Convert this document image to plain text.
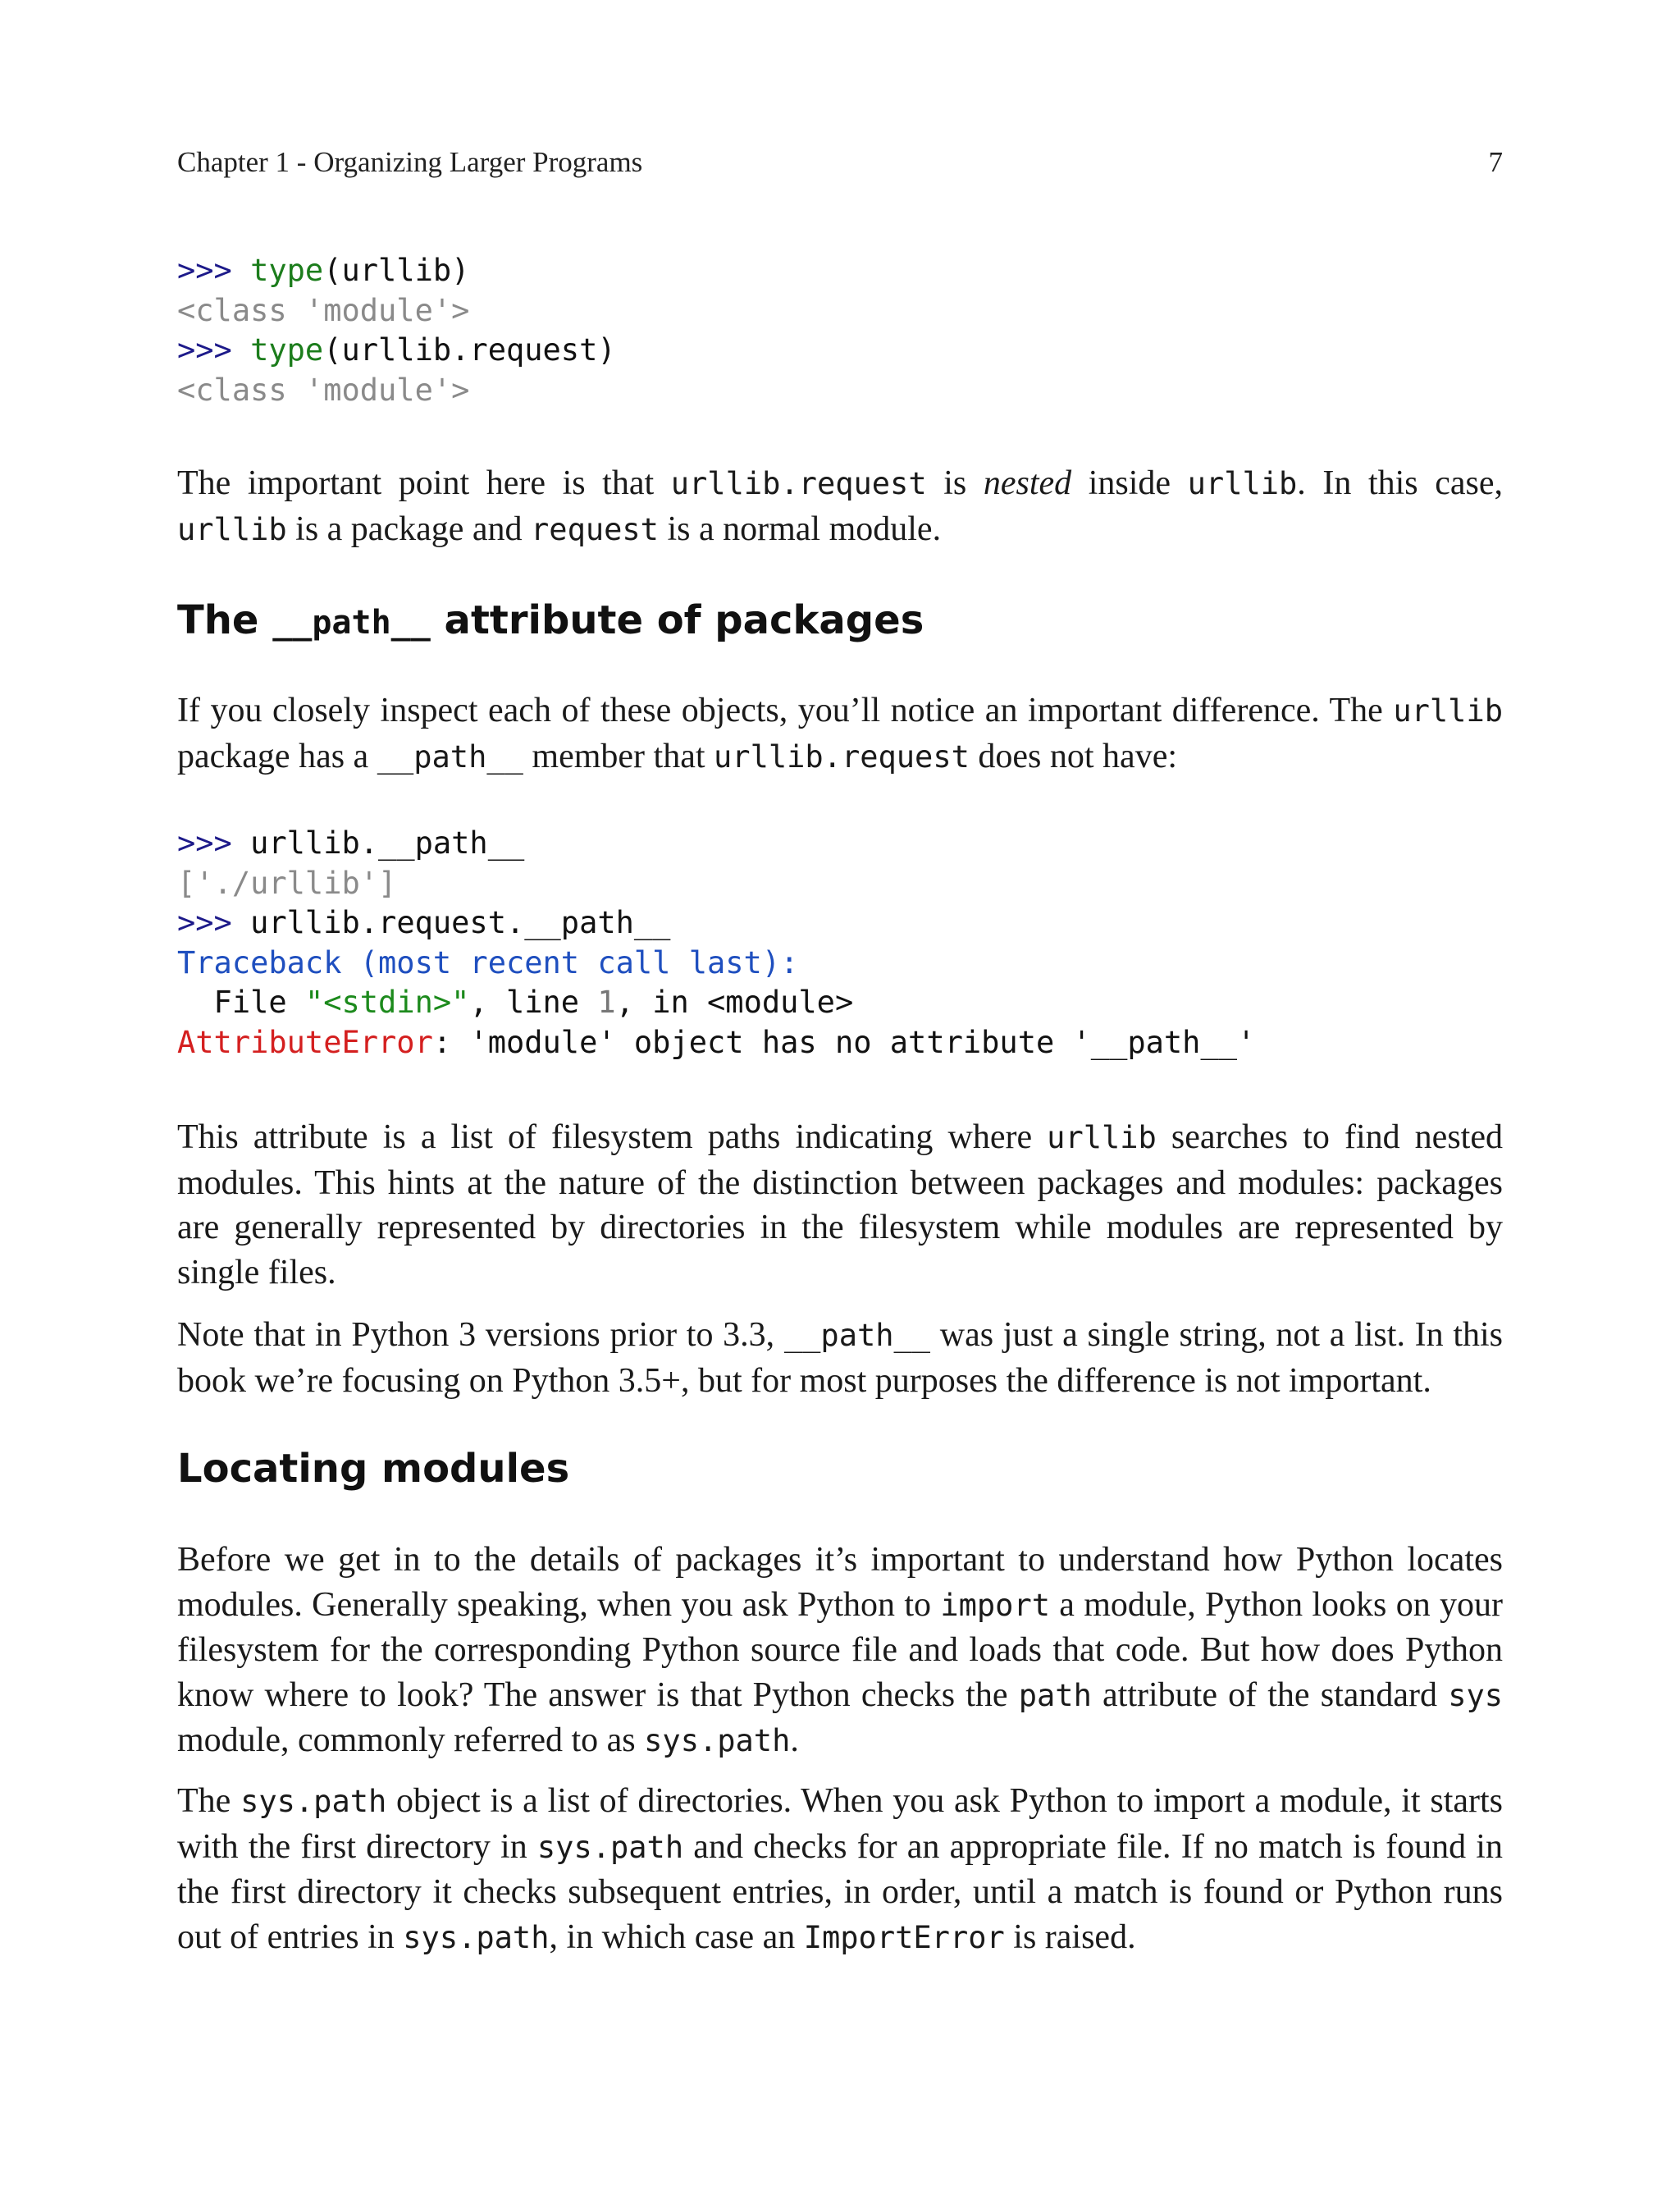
Chapter 1 - Organizing Larger Programs	7
>>> type(urllib)
<class 'module'>
>>> type(urllib.request)
<class 'module'>

The important point here is that urllib.request is nested inside urllib. In this case, urllib is a package and request is a normal module.

The __path__ attribute of packages

If you closely inspect each of these objects, you’ll notice an important difference. The urllib package has a __path__ member that urllib.request does not have:

>>> urllib.__path__
['./urllib']
>>> urllib.request.__path__
Traceback (most recent call last):
File "<stdin>", line 1, in <module>
AttributeError: 'module' object has no attribute '__path__'

This attribute is a list of filesystem paths indicating where urllib searches to find nested modules. This hints at the nature of the distinction between packages and modules: packages are generally represented by directories in the filesystem while modules are represented by single files.

Note that in Python 3 versions prior to 3.3, __path__ was just a single string, not a list. In this book we’re focusing on Python 3.5+, but for most purposes the difference is not important.

Locating modules

Before we get in to the details of packages it’s important to understand how Python locates modules. Generally speaking, when you ask Python to import a module, Python looks on your filesystem for the corresponding Python source file and loads that code. But how does Python know where to look? The answer is that Python checks the path attribute of the standard sys module, commonly referred to as sys.path.

The sys.path object is a list of directories. When you ask Python to import a module, it starts with the first directory in sys.path and checks for an appropriate file. If no match is found in the first directory it checks subsequent entries, in order, until a match is found or Python runs out of entries in sys.path, in which case an ImportError is raised.
